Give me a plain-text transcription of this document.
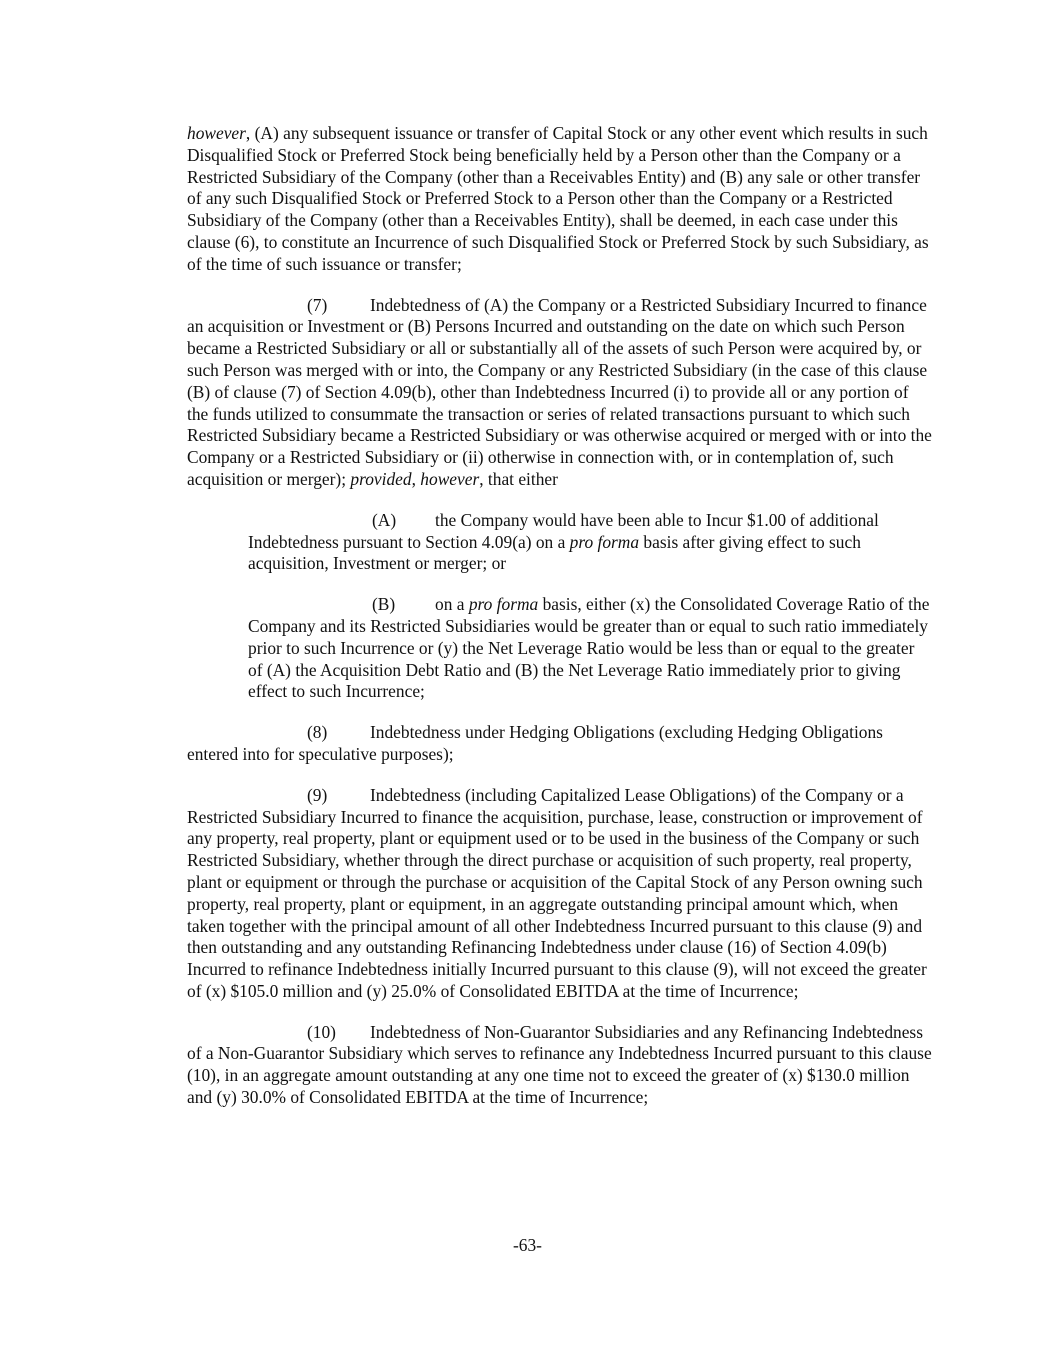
however, (A) any subsequent issuance or transfer of Capital Stock or any other event which results in such Disqualified Stock or Preferred Stock being beneficially held by a Person other than the Company or a Restricted Subsidiary of the Company (other than a Receivables Entity) and (B) any sale or other transfer of any such Disqualified Stock or Preferred Stock to a Person other than the Company or a Restricted Subsidiary of the Company (other than a Receivables Entity), shall be deemed, in each case under this clause (6), to constitute an Incurrence of such Disqualified Stock or Preferred Stock by such Subsidiary, as of the time of such issuance or transfer;

(7) Indebtedness of (A) the Company or a Restricted Subsidiary Incurred to finance an acquisition or Investment or (B) Persons Incurred and outstanding on the date on which such Person became a Restricted Subsidiary or all or substantially all of the assets of such Person were acquired by, or such Person was merged with or into, the Company or any Restricted Subsidiary (in the case of this clause (B) of clause (7) of Section 4.09(b), other than Indebtedness Incurred (i) to provide all or any portion of the funds utilized to consummate the transaction or series of related transactions pursuant to which such Restricted Subsidiary became a Restricted Subsidiary or was otherwise acquired or merged with or into the Company or a Restricted Subsidiary or (ii) otherwise in connection with, or in contemplation of, such acquisition or merger); provided, however, that either

(A) the Company would have been able to Incur $1.00 of additional Indebtedness pursuant to Section 4.09(a) on a pro forma basis after giving effect to such acquisition, Investment or merger; or

(B) on a pro forma basis, either (x) the Consolidated Coverage Ratio of the Company and its Restricted Subsidiaries would be greater than or equal to such ratio immediately prior to such Incurrence or (y) the Net Leverage Ratio would be less than or equal to the greater of (A) the Acquisition Debt Ratio and (B) the Net Leverage Ratio immediately prior to giving effect to such Incurrence;

(8) Indebtedness under Hedging Obligations (excluding Hedging Obligations entered into for speculative purposes);

(9) Indebtedness (including Capitalized Lease Obligations) of the Company or a Restricted Subsidiary Incurred to finance the acquisition, purchase, lease, construction or improvement of any property, real property, plant or equipment used or to be used in the business of the Company or such Restricted Subsidiary, whether through the direct purchase or acquisition of such property, real property, plant or equipment or through the purchase or acquisition of the Capital Stock of any Person owning such property, real property, plant or equipment, in an aggregate outstanding principal amount which, when taken together with the principal amount of all other Indebtedness Incurred pursuant to this clause (9) and then outstanding and any outstanding Refinancing Indebtedness under clause (16) of Section 4.09(b) Incurred to refinance Indebtedness initially Incurred pursuant to this clause (9), will not exceed the greater of (x) $105.0 million and (y) 25.0% of Consolidated EBITDA at the time of Incurrence;

(10) Indebtedness of Non-Guarantor Subsidiaries and any Refinancing Indebtedness of a Non-Guarantor Subsidiary which serves to refinance any Indebtedness Incurred pursuant to this clause (10), in an aggregate amount outstanding at any one time not to exceed the greater of (x) $130.0 million and (y) 30.0% of Consolidated EBITDA at the time of Incurrence;

-63-
